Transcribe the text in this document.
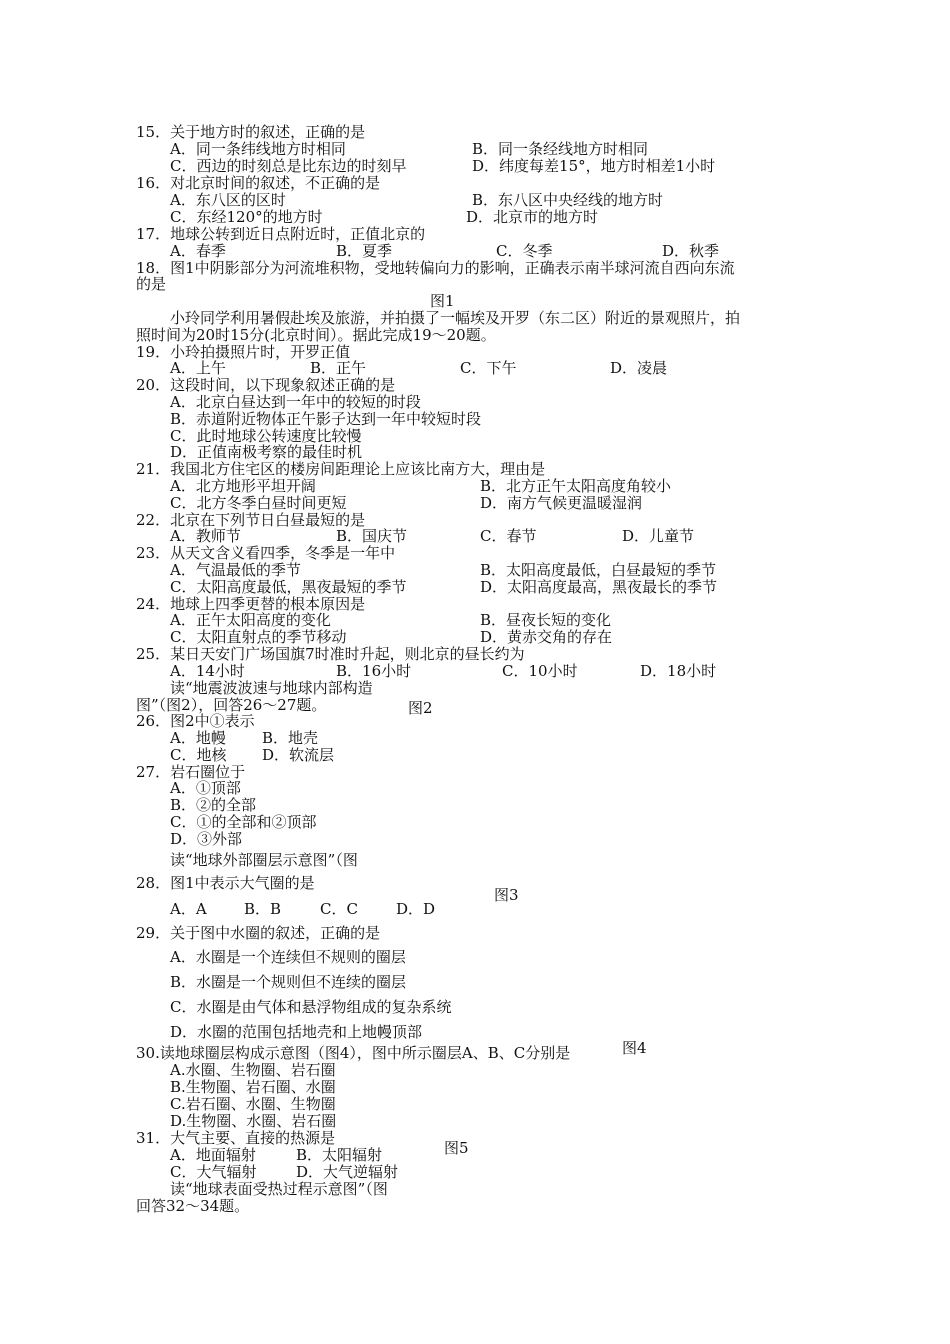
15．关于地方时的叙述，正确的是
A．同一条纬线地方时相同	B．同一条经线地方时相同
C．西边的时刻总是比东边的时刻早	D．纬度每差15°，地方时相差1小时
16．对北京时间的叙述，不正确的是
A．东八区的区时	B．东八区中央经线的地方时
C．东经120°的地方时	D．北京市的地方时
17．地球公转到近日点附近时，正值北京的
A．春季	B．夏季	C．冬季	D．秋季
18．图1中阴影部分为河流堆积物，受地转偏向力的影响，正确表示南半球河流自西向东流
的是
图1
小玲同学利用暑假赴埃及旅游，并拍摄了一幅埃及开罗（东二区）附近的景观照片，拍
照时间为20时15分(北京时间）。据此完成19～20题。
19．小玲拍摄照片时，开罗正值
A．上午	B．正午	C．下午	D．凌晨
20．这段时间，以下现象叙述正确的是
A．北京白昼达到一年中的较短的时段
B．赤道附近物体正午影子达到一年中较短时段
C．此时地球公转速度比较慢
D．正值南极考察的最佳时机
21．我国北方住宅区的楼房间距理论上应该比南方大，理由是
A．北方地形平坦开阔	B．北方正午太阳高度角较小
C．北方冬季白昼时间更短	D．南方气候更温暖湿润
22．北京在下列节日白昼最短的是
A．教师节	B．国庆节	C．春节	D．儿童节
23．从天文含义看四季，冬季是一年中
A．气温最低的季节	B．太阳高度最低，白昼最短的季节
C．太阳高度最低，黑夜最短的季节	D．太阳高度最高，黑夜最长的季节
24．地球上四季更替的根本原因是
A．正午太阳高度的变化	B．昼夜长短的变化
C．太阳直射点的季节移动	D．黄赤交角的存在
25．某日天安门广场国旗7时准时升起，则北京的昼长约为
A．14小时	B．16小时	C．10小时	D．18小时
读“地震波波速与地球内部构造
图”（图2），回答26～27题。	图2
26．图2中①表示
A．地幔 B．地壳
C．地核 D．软流层
27．岩石圈位于
A．①顶部
B．②的全部
C．①的全部和②顶部
D．③外部
读“地球外部圈层示意图”（图
28．图1中表示大气圈的是
图3
A．A B．B	C．C	D．D
29．关于图中水圈的叙述，正确的是
A．水圈是一个连续但不规则的圈层
B．水圈是一个规则但不连续的圈层
C．水圈是由气体和悬浮物组成的复杂系统
D．水圈的范围包括地壳和上地幔顶部
30.读地球圈层构成示意图（图4），图中所示圈层A、B、C分别是	图4
A.水圈、生物圈、岩石圈
B.生物圈、岩石圈、水圈
C.岩石圈、水圈、生物圈
D.生物圈、水圈、岩石圈
31．大气主要、直接的热源是
图5
A．地面辐射	B．太阳辐射
C．大气辐射	D．大气逆辐射
读“地球表面受热过程示意图”（图
回答32～34题。
